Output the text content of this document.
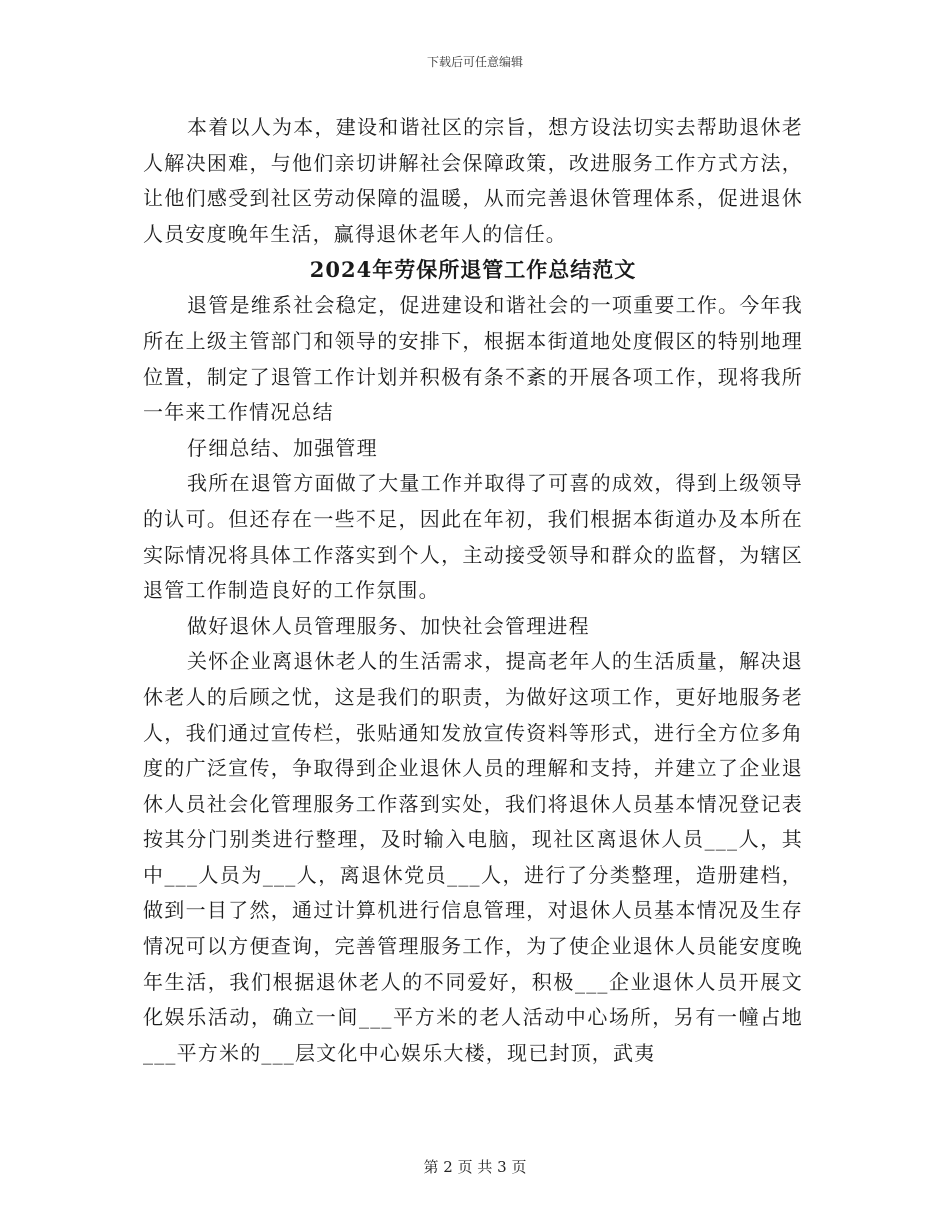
下载后可任意编辑

本着以人为本，建设和谐社区的宗旨，想方设法切实去帮助退休老人解决困难，与他们亲切讲解社会保障政策，改进服务工作方式方法，让他们感受到社区劳动保障的温暖，从而完善退休管理体系，促进退休人员安度晚年生活，赢得退休老年人的信任。

2024年劳保所退管工作总结范文

退管是维系社会稳定，促进建设和谐社会的一项重要工作。今年我所在上级主管部门和领导的安排下，根据本街道地处度假区的特别地理位置，制定了退管工作计划并积极有条不紊的开展各项工作，现将我所一年来工作情况总结

仔细总结、加强管理

我所在退管方面做了大量工作并取得了可喜的成效，得到上级领导的认可。但还存在一些不足，因此在年初，我们根据本街道办及本所在实际情况将具体工作落实到个人，主动接受领导和群众的监督，为辖区退管工作制造良好的工作氛围。

做好退休人员管理服务、加快社会管理进程

关怀企业离退休老人的生活需求，提高老年人的生活质量，解决退休老人的后顾之忧，这是我们的职责，为做好这项工作，更好地服务老人，我们通过宣传栏，张贴通知发放宣传资料等形式，进行全方位多角度的广泛宣传，争取得到企业退休人员的理解和支持，并建立了企业退休人员社会化管理服务工作落到实处，我们将退休人员基本情况登记表按其分门别类进行整理，及时输入电脑，现社区离退休人员___人，其中___人员为___人，离退休党员___人，进行了分类整理，造册建档，做到一目了然，通过计算机进行信息管理，对退休人员基本情况及生存情况可以方便查询，完善管理服务工作，为了使企业退休人员能安度晚年生活，我们根据退休老人的不同爱好，积极___企业退休人员开展文化娱乐活动，确立一间___平方米的老人活动中心场所，另有一幢占地___平方米的___层文化中心娱乐大楼，现已封顶，武夷

第 2 页 共 3 页
